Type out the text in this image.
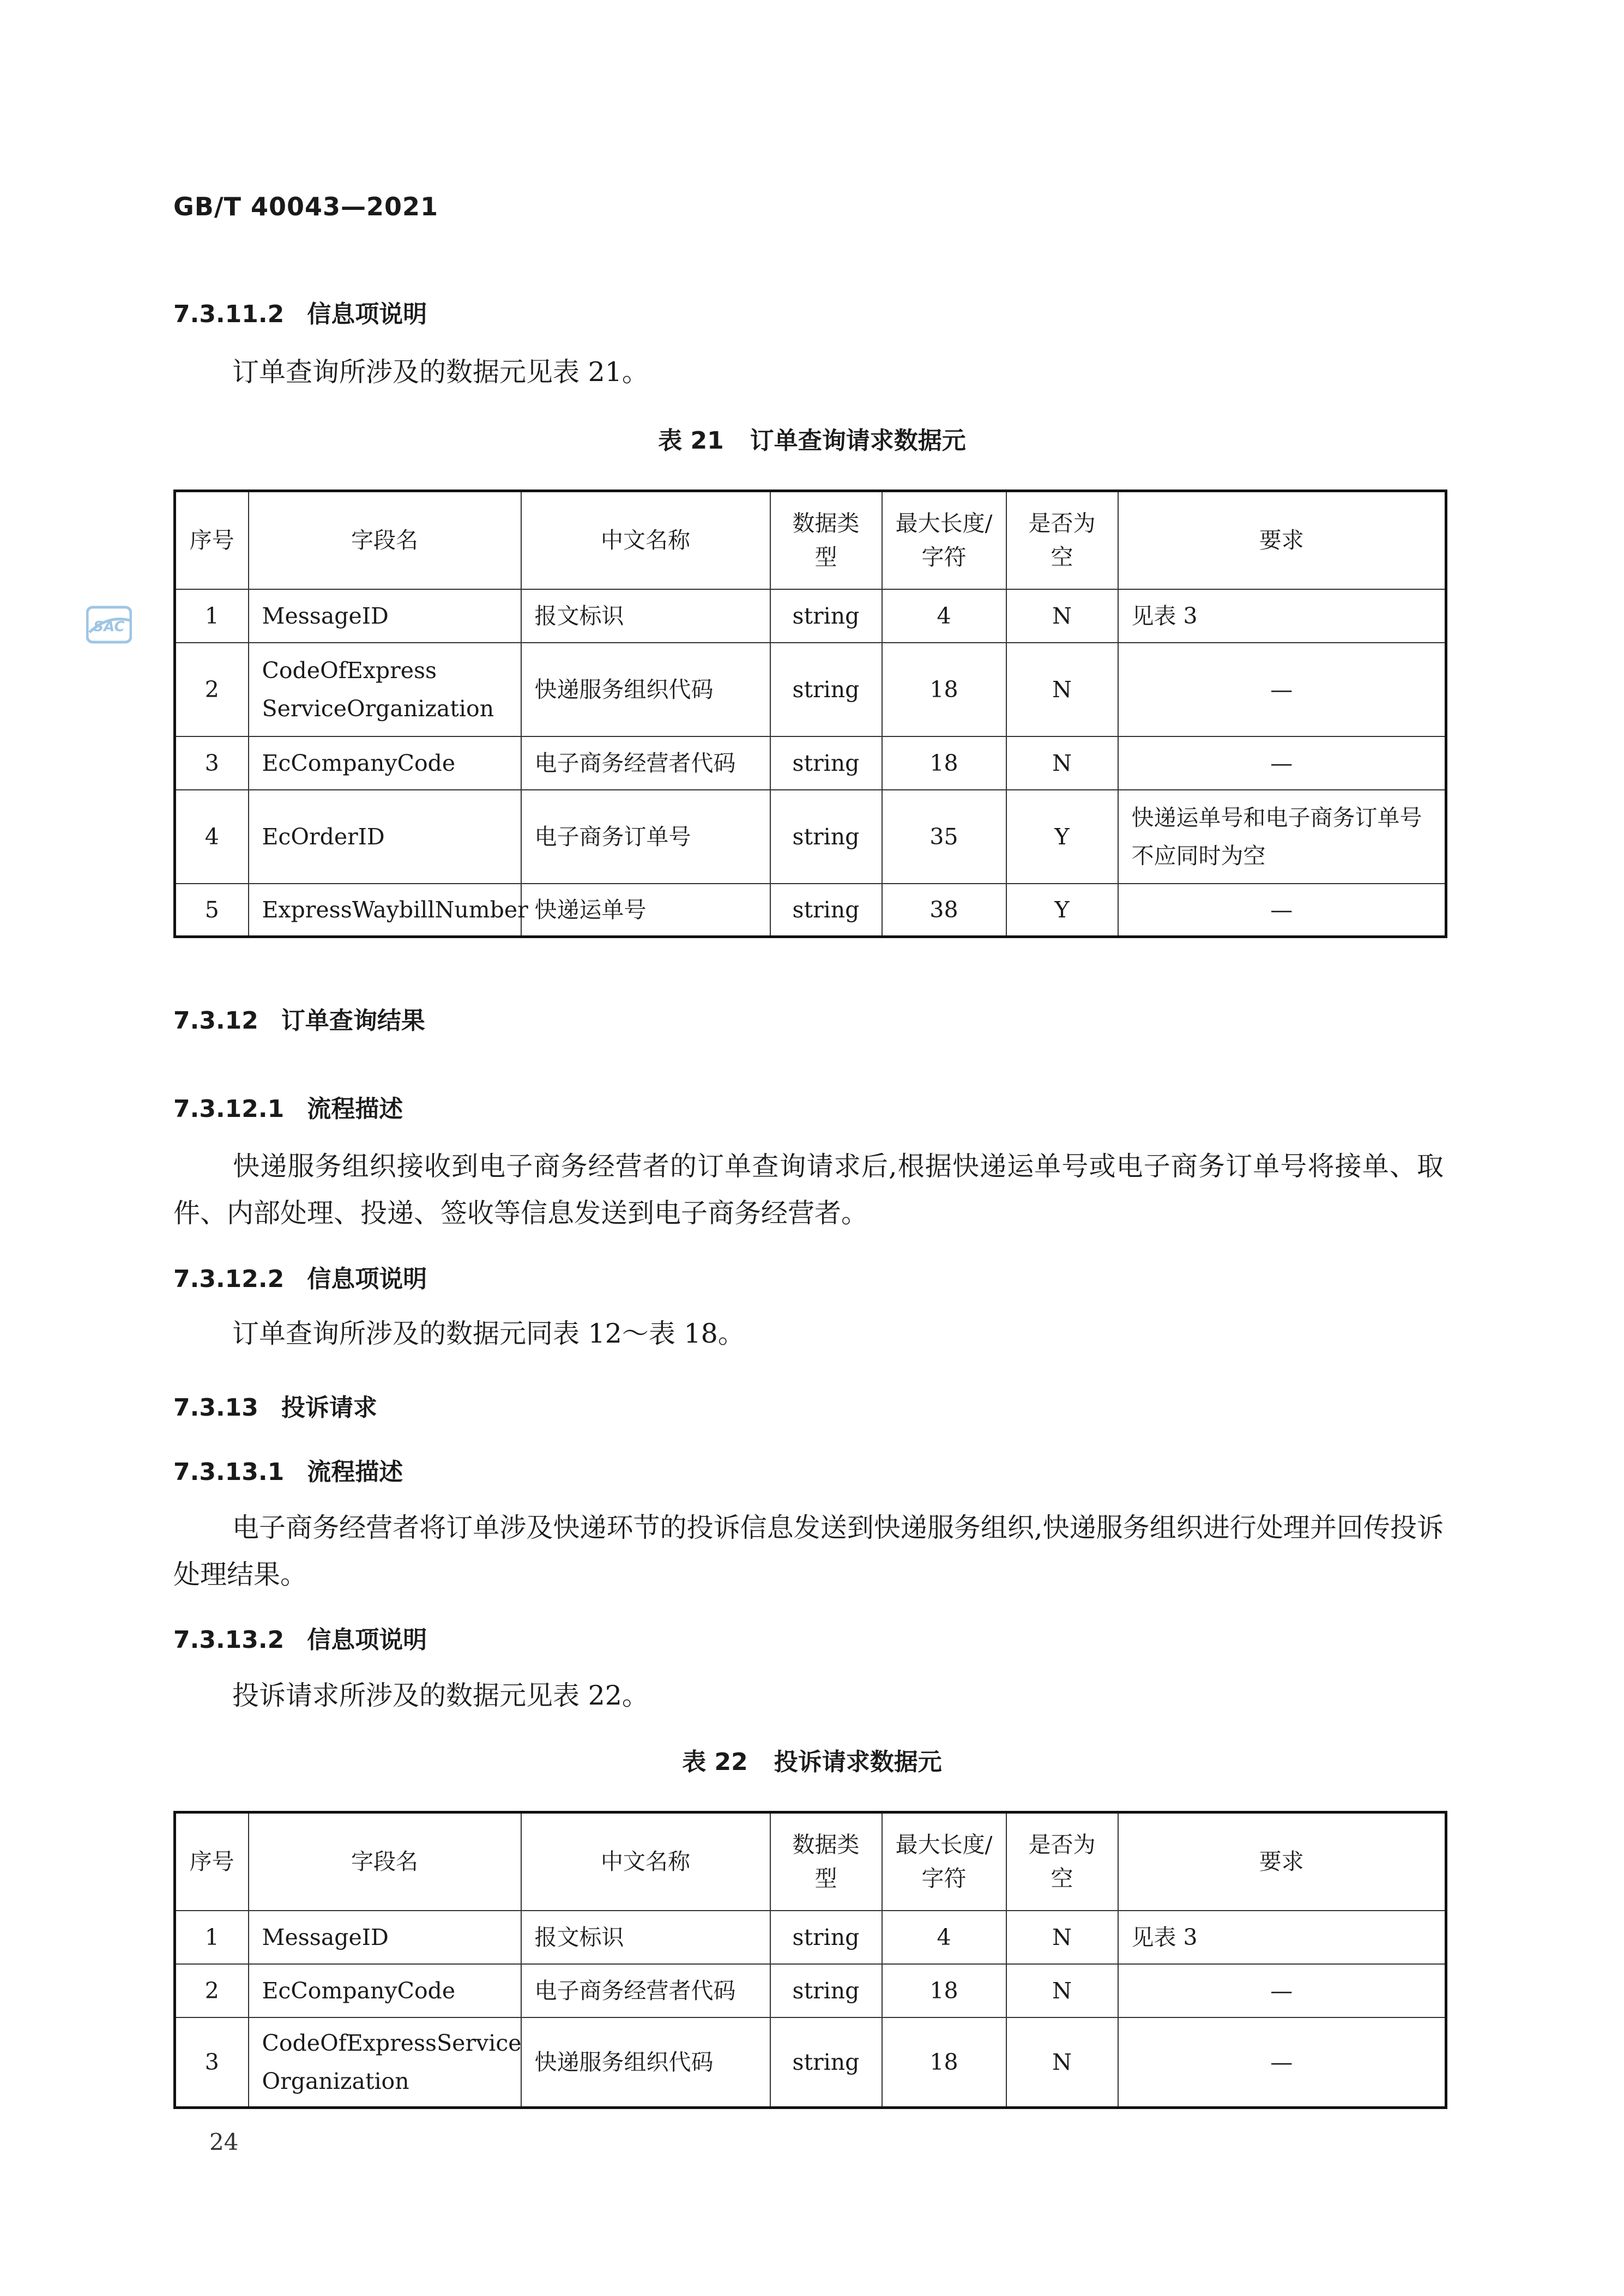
GB/T 40043—2021
SAC
7.3.11.2 信息项说明
订单查询所涉及的数据元见表 21。
表 21 订单查询请求数据元
序号	字段名	中文名称	数据类型	最大长度/字符	是否为空	要求
1	MessageID	报文标识	string	4	N	见表 3
2	CodeOfExpress ServiceOrganization	快递服务组织代码	string	18	N	—
3	EcCompanyCode	电子商务经营者代码	string	18	N	—
4	EcOrderID	电子商务订单号	string	35	Y	快递运单号和电子商务订单号不应同时为空
5	ExpressWaybillNumber	快递运单号	string	38	Y	—
7.3.12 订单查询结果
7.3.12.1 流程描述
快递服务组织接收到电子商务经营者的订单查询请求后,根据快递运单号或电子商务订单号将接单、取件、内部处理、投递、签收等信息发送到电子商务经营者。
7.3.12.2 信息项说明
订单查询所涉及的数据元同表 12～表 18。
7.3.13 投诉请求
7.3.13.1 流程描述
电子商务经营者将订单涉及快递环节的投诉信息发送到快递服务组织,快递服务组织进行处理并回传投诉处理结果。
7.3.13.2 信息项说明
投诉请求所涉及的数据元见表 22。
表 22 投诉请求数据元
序号	字段名	中文名称	数据类型	最大长度/字符	是否为空	要求
1	MessageID	报文标识	string	4	N	见表 3
2	EcCompanyCode	电子商务经营者代码	string	18	N	—
3	CodeOfExpressService Organization	快递服务组织代码	string	18	N	—
24
